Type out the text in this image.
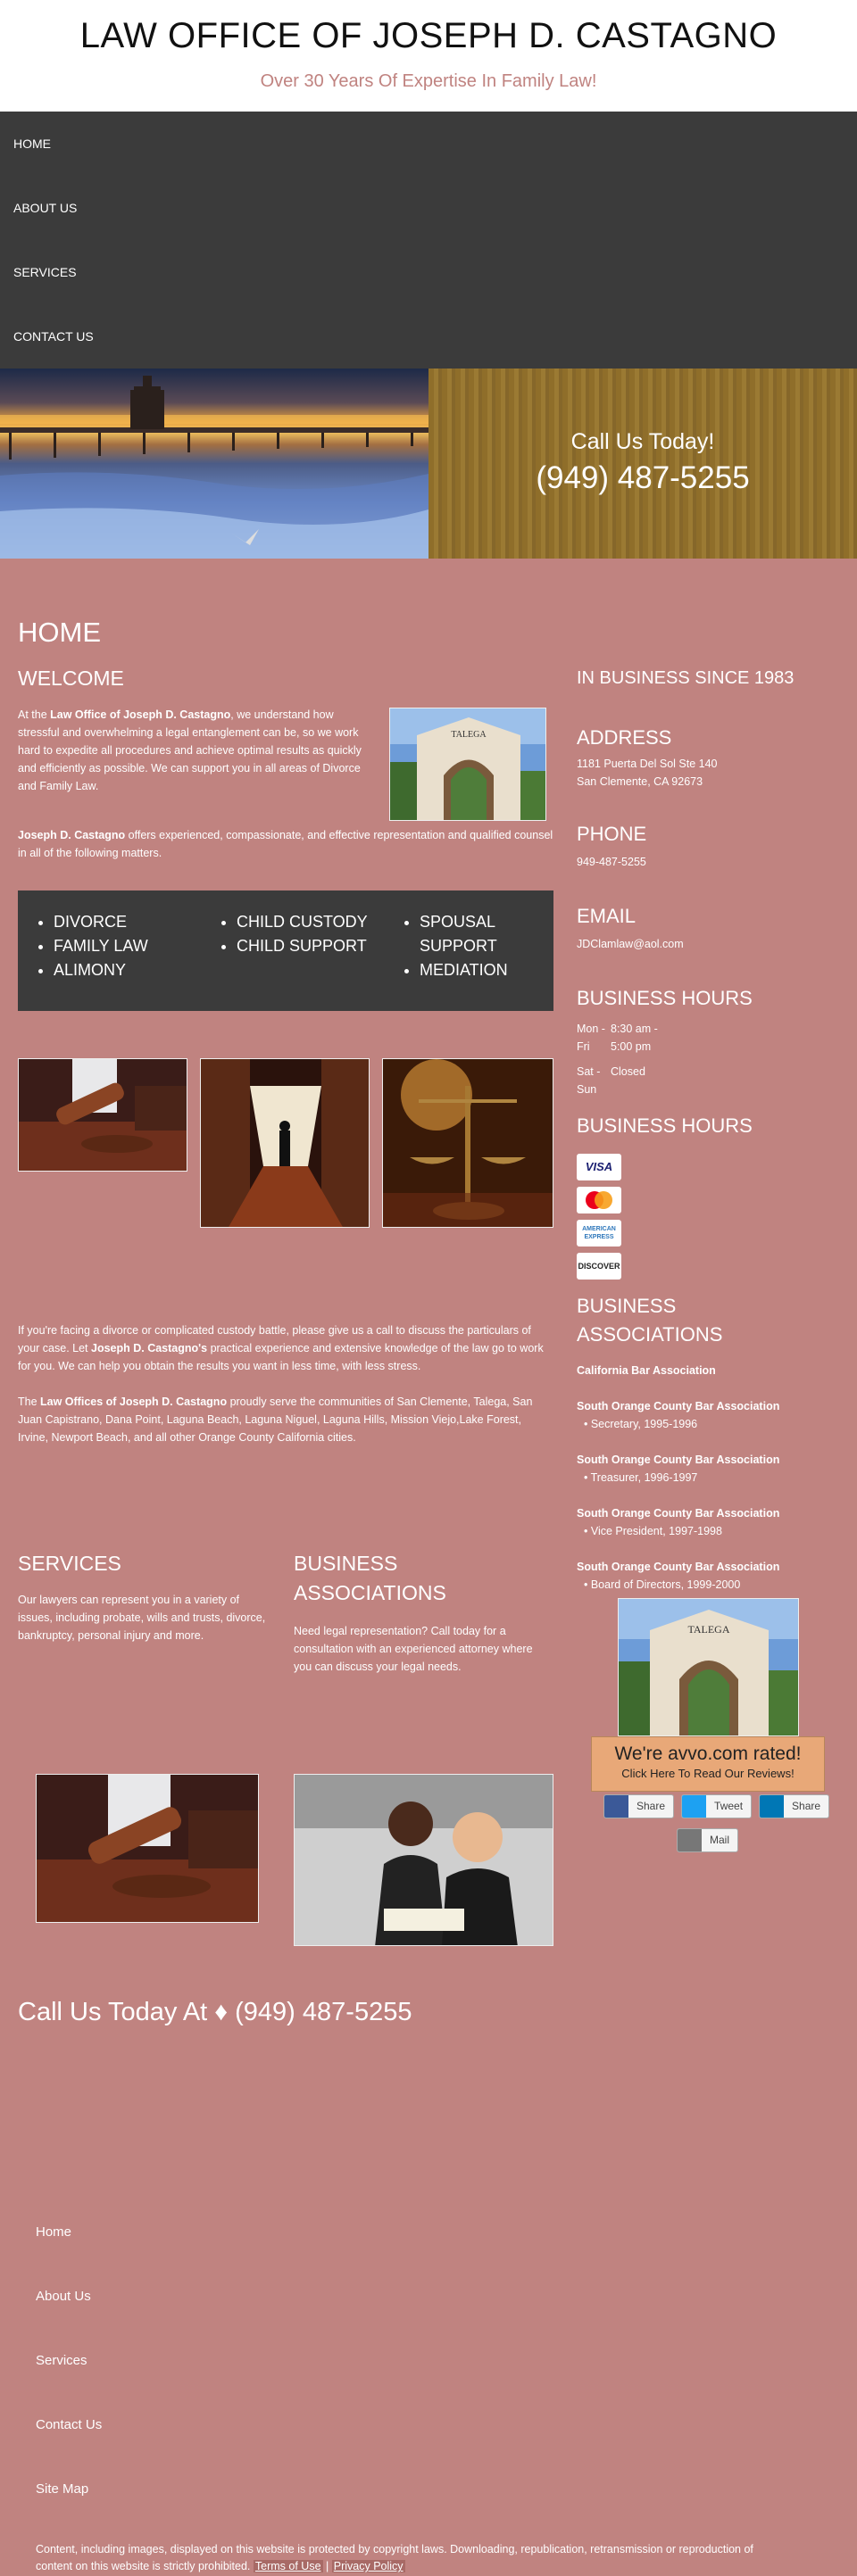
LAW OFFICE OF JOSEPH D. CASTAGNO
Over 30 Years Of Expertise In Family Law!
HOME
ABOUT US
SERVICES
CONTACT US
Call Us Today!
(949) 487-5255
HOME
WELCOME

At the Law Office of Joseph D. Castagno, we understand how stressful and overwhelming a legal entanglement can be, so we work hard to expedite all procedures and achieve optimal results as quickly and efficiently as possible. We can support you in all areas of Divorce and Family Law.

TALEGA

Joseph D. Castagno offers experienced, compassionate, and effective representation and qualified counsel in all of the following matters.

• DIVORCE
• FAMILY LAW
• ALIMONY
• CHILD CUSTODY
• CHILD SUPPORT
• SPOUSAL SUPPORT
• MEDIATION

If you're facing a divorce or complicated custody battle, please give us a call to discuss the particulars of your case. Let Joseph D. Castagno's practical experience and extensive knowledge of the law go to work for you. We can help you obtain the results you want in less time, with less stress.

The Law Offices of Joseph D. Castagno proudly serve the communities of San Clemente, Talega, San Juan Capistrano, Dana Point, Laguna Beach, Laguna Niguel, Laguna Hills, Mission Viejo,Lake Forest, Irvine, Newport Beach, and all other Orange County California cities.

SERVICES

Our lawyers can represent you in a variety of issues, including probate, wills and trusts, divorce, bankruptcy, personal injury and more.

BUSINESS ASSOCIATIONS

Need legal representation? Call today for a consultation with an experienced attorney where you can discuss your legal needs.

Call Us Today At ♦ (949) 487-5255
IN BUSINESS SINCE 1983
ADDRESS
1181 Puerta Del Sol Ste 140
San Clemente, CA 92673
PHONE
949-487-5255
EMAIL
JDClamlaw@aol.com
BUSINESS HOURS
Mon - Fri
8:30 am - 5:00 pm
Sat - Sun
Closed
BUSINESS HOURS
VISA
AMERICAN EXPRESS
DISCOVER
BUSINESS ASSOCIATIONS
California Bar Association
South Orange County Bar Association
• Secretary, 1995-1996
South Orange County Bar Association
• Treasurer, 1996-1997
South Orange County Bar Association
• Vice President, 1997-1998
South Orange County Bar Association
• Board of Directors, 1999-2000
TALEGA
We're avvo.com rated!
Click Here To Read Our Reviews!
Share	Tweet	Share
Mail
Home
About Us
Services
Contact Us
Site Map
Content, including images, displayed on this website is protected by copyright laws. Downloading, republication, retransmission or reproduction of content on this website is strictly prohibited. Terms of Use | Privacy Policy
